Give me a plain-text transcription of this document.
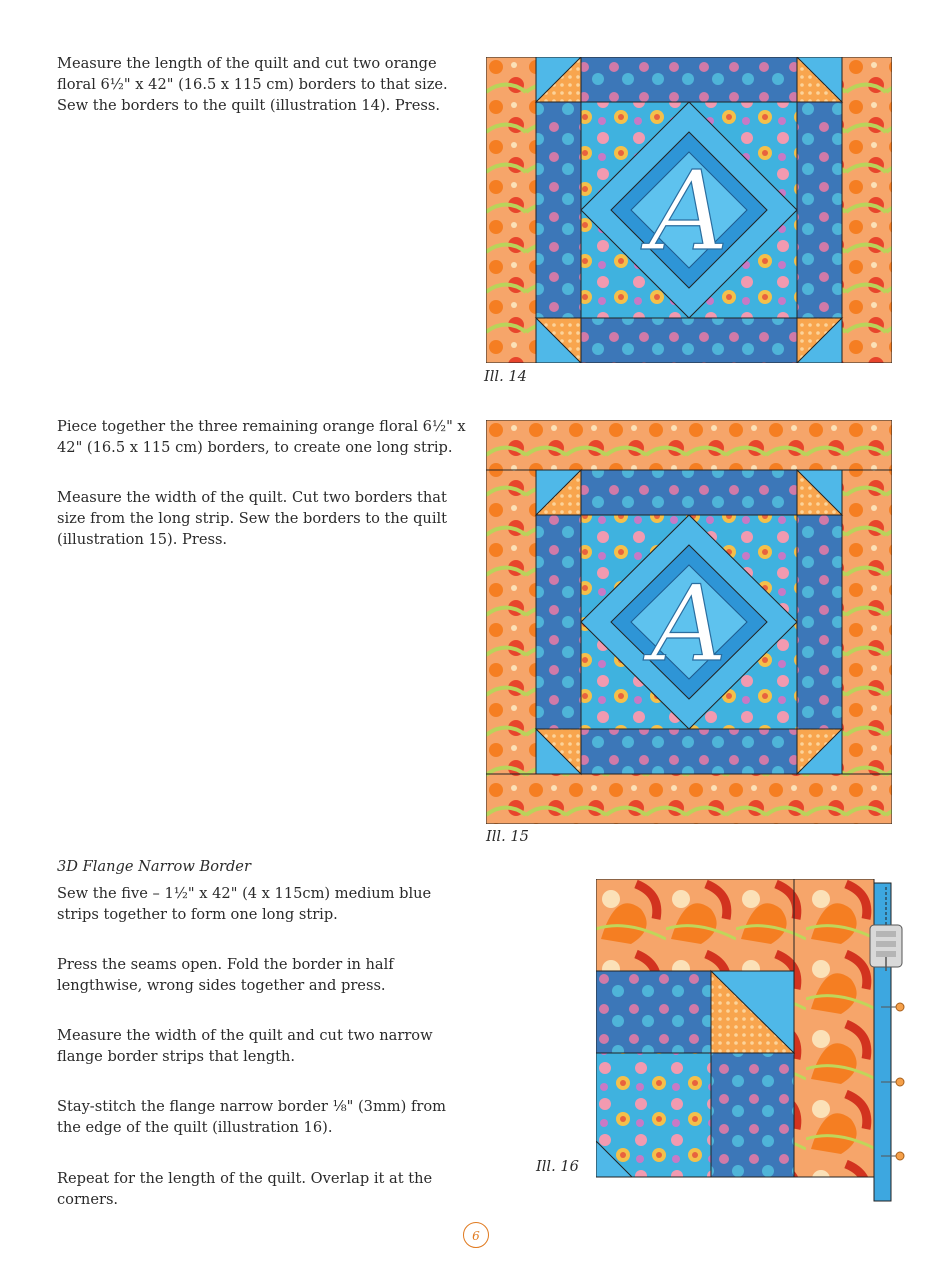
Measure the length of the quilt and cut two orange floral 6½" x 42" (16.5 x 115 cm) borders to that size. Sew the borders to the quilt (illustration 14). Press.

A
Ill. 14

Piece together the three remaining orange floral 6½" x 42" (16.5 x 115 cm) borders, to create one long strip.

Measure the width of the quilt. Cut two borders that size from the long strip. Sew the borders to the quilt (illustration 15). Press.

A
Ill. 15
3D Flange Narrow Border

Sew the five – 1½" x 42" (4 x 115cm) medium blue strips together to form one long strip.

Press the seams open. Fold the border in half lengthwise, wrong sides together and press.

Measure the width of the quilt and cut two narrow flange border strips that length.

Stay-stitch the flange narrow border ⅛" (3mm) from the edge of the quilt (illustration 16).

Repeat for the length of the quilt. Overlap it at the corners.

Ill. 16
6
